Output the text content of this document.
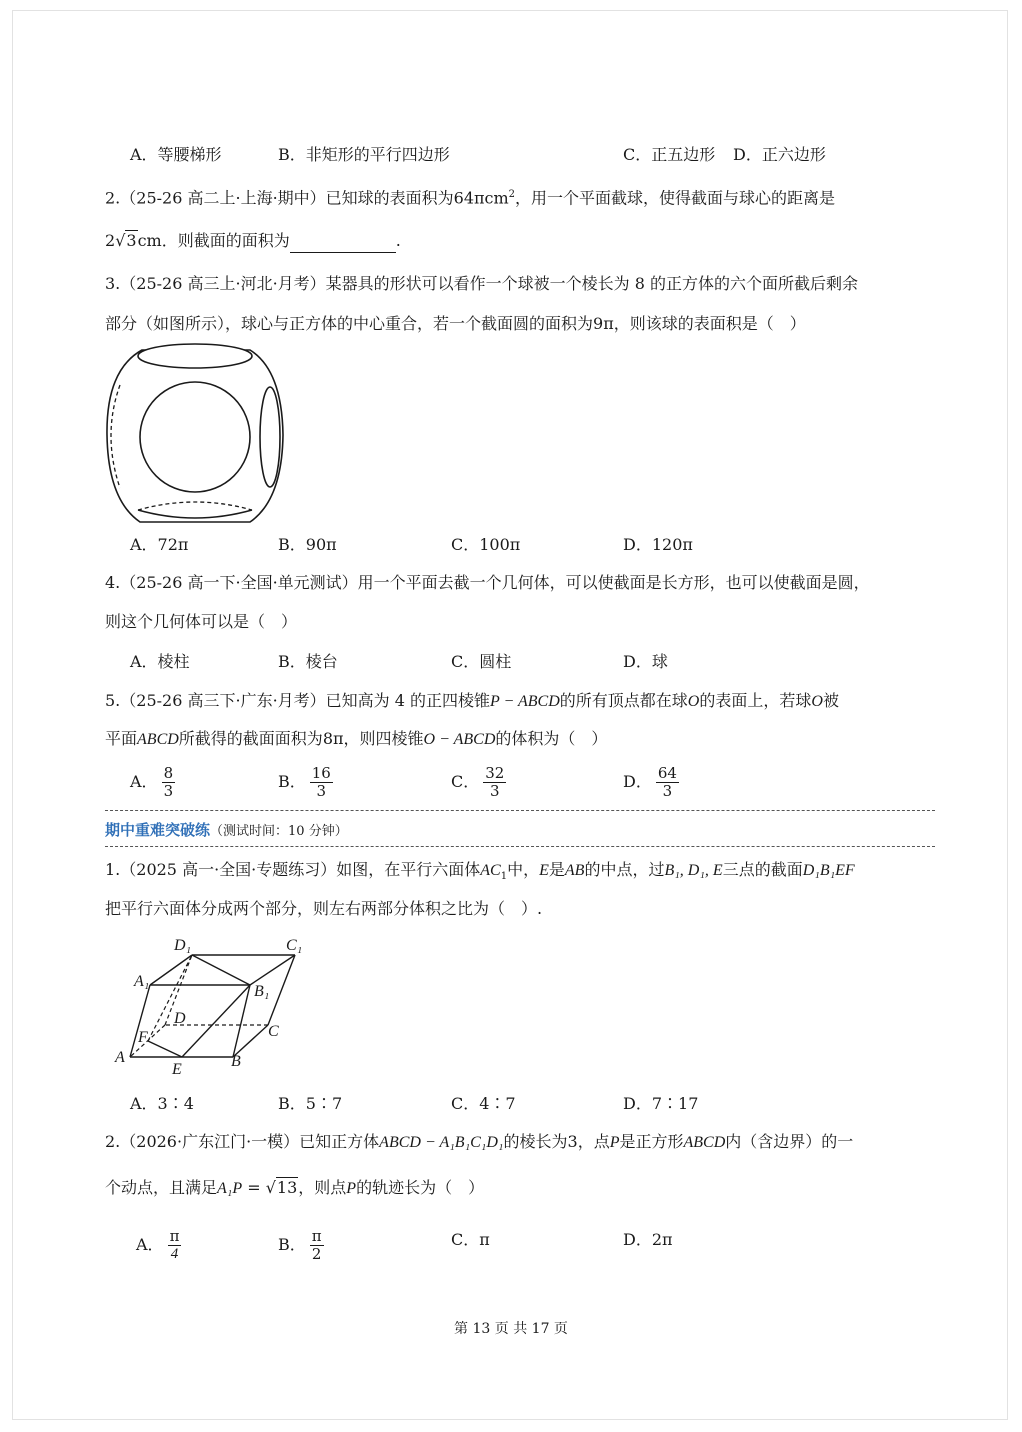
A．等腰梯形	B．非矩形的平行四边形	C．正五边形 D．正六边形
2.（25-26 高二上·上海·期中）已知球的表面积为64πcm$^2$，用一个平面截球，使得截面与球心的距离是
2√3cm．则截面的面积为	.
3.（25-26 高三上·河北·月考）某器具的形状可以看作一个球被一个棱长为 8 的正方体的六个面所截后剩余
部分（如图所示），球心与正方体的中心重合，若一个截面圆的面积为9π，则该球的表面积是（　）
A．72π	B．90π	C．100π	D．120π
4.（25-26 高一下·全国·单元测试）用一个平面去截一个几何体，可以使截面是长方形，也可以使截面是圆，
则这个几何体可以是（　）
A．棱柱	B．棱台	C．圆柱	D．球
5.（25-26 高三下·广东·月考）已知高为 4 的正四棱锥P − ABCD的所有顶点都在球O的表面上，若球O被
平面ABCD所截得的截面面积为8π，则四棱锥O − ABCD的体积为（　）
A． $\frac{8}{3}$	B． $\frac{16}{3}$	C． $\frac{32}{3}$	D． $\frac{64}{3}$
期中重难突破练（测试时间：10 分钟）
1.（2025 高一·全国·专题练习）如图，在平行六面体$AC_1$中，E是AB的中点，过B₁, D₁, E三点的截面D₁B₁EF
把平行六面体分成两个部分，则左右两部分体积之比为（　）.
D₁	C₁
A₁
B₁
D
C
F
A
E	B
A．3∶4	B．5∶7	C．4∶7	D．7∶17
2.（2026·广东江门·一模）已知正方体ABCD − A₁B₁C₁D₁的棱长为3，点P是正方形ABCD内（含边界）的一
个动点，且满足A₁P = √13，则点P的轨迹长为（　）
A． $\frac{\pi}{4}$	B． $\frac{\pi}{2}$	C．π	D．2π
第 13 页 共 17 页
